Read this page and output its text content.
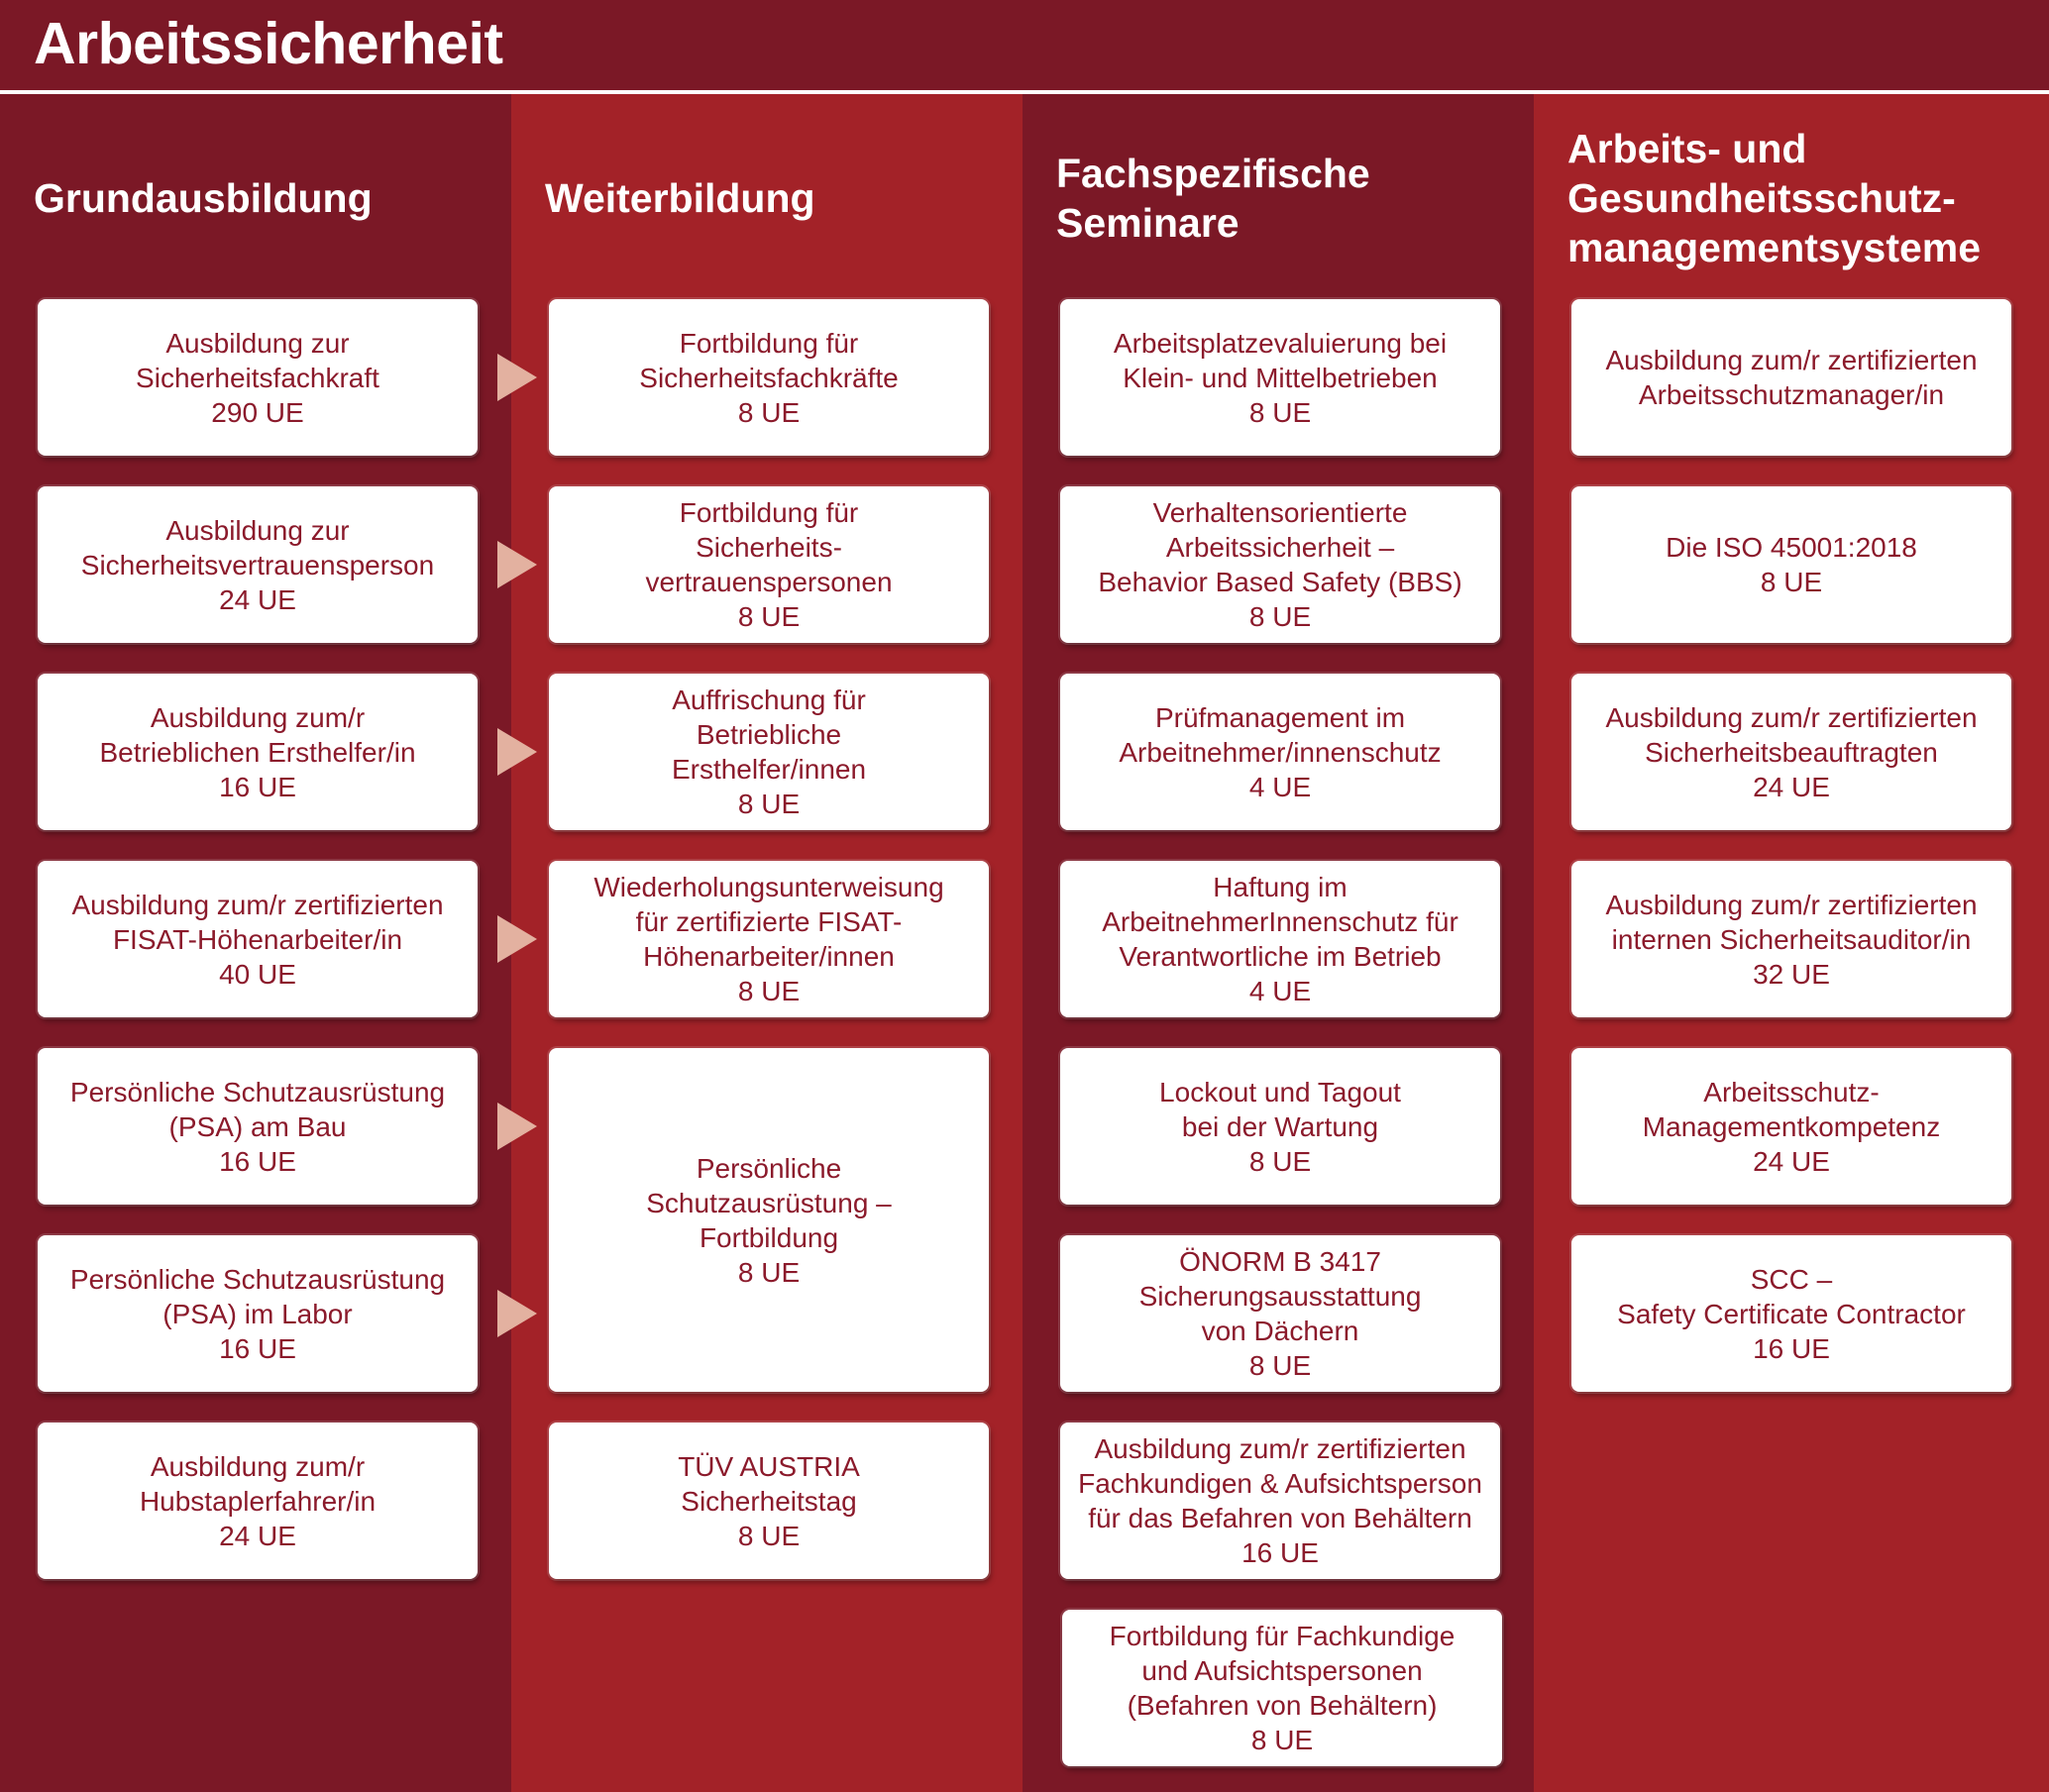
Arbeitssicherheit
Grundausbildung	Weiterbildung
Fachspezifische
Seminare
Arbeits- und
Gesundheitsschutz-
managementsysteme
Ausbildung zur
Sicherheitsfachkraft
290 UE
Ausbildung zur
Sicherheitsvertrauensperson
24 UE
Ausbildung zum/r
Betrieblichen Ersthelfer/in
16 UE
Ausbildung zum/r zertifizierten
FISAT-Höhenarbeiter/in
40 UE
Persönliche Schutzausrüstung
(PSA) am Bau
16 UE
Persönliche Schutzausrüstung
(PSA) im Labor
16 UE
Ausbildung zum/r
Hubstaplerfahrer/in
24 UE
Fortbildung für
Sicherheitsfachkräfte
8 UE
Fortbildung für
Sicherheits-
vertrauenspersonen
8 UE
Auffrischung für
Betriebliche
Ersthelfer/innen
8 UE
Wiederholungsunterweisung
für zertifizierte FISAT-
Höhenarbeiter/innen
8 UE
Persönliche
Schutzausrüstung –
Fortbildung
8 UE
TÜV AUSTRIA
Sicherheitstag
8 UE
Arbeitsplatzevaluierung bei
Klein- und Mittelbetrieben
8 UE
Verhaltensorientierte
Arbeitssicherheit –
Behavior Based Safety (BBS)
8 UE
Prüfmanagement im
Arbeitnehmer/innenschutz
4 UE
Haftung im
ArbeitnehmerInnenschutz für
Verantwortliche im Betrieb
4 UE
Lockout und Tagout
bei der Wartung
8 UE
ÖNORM B 3417
Sicherungsausstattung
von Dächern
8 UE
Ausbildung zum/r zertifizierten
Fachkundigen & Aufsichtsperson
für das Befahren von Behältern
16 UE
Fortbildung für Fachkundige
und Aufsichtspersonen
(Befahren von Behältern)
8 UE
Ausbildung zum/r zertifizierten
Arbeitsschutzmanager/in
Die ISO 45001:2018
8 UE
Ausbildung zum/r zertifizierten
Sicherheitsbeauftragten
24 UE
Ausbildung zum/r zertifizierten
internen Sicherheitsauditor/in
32 UE
Arbeitsschutz-
Managementkompetenz
24 UE
SCC –
Safety Certificate Contractor
16 UE
